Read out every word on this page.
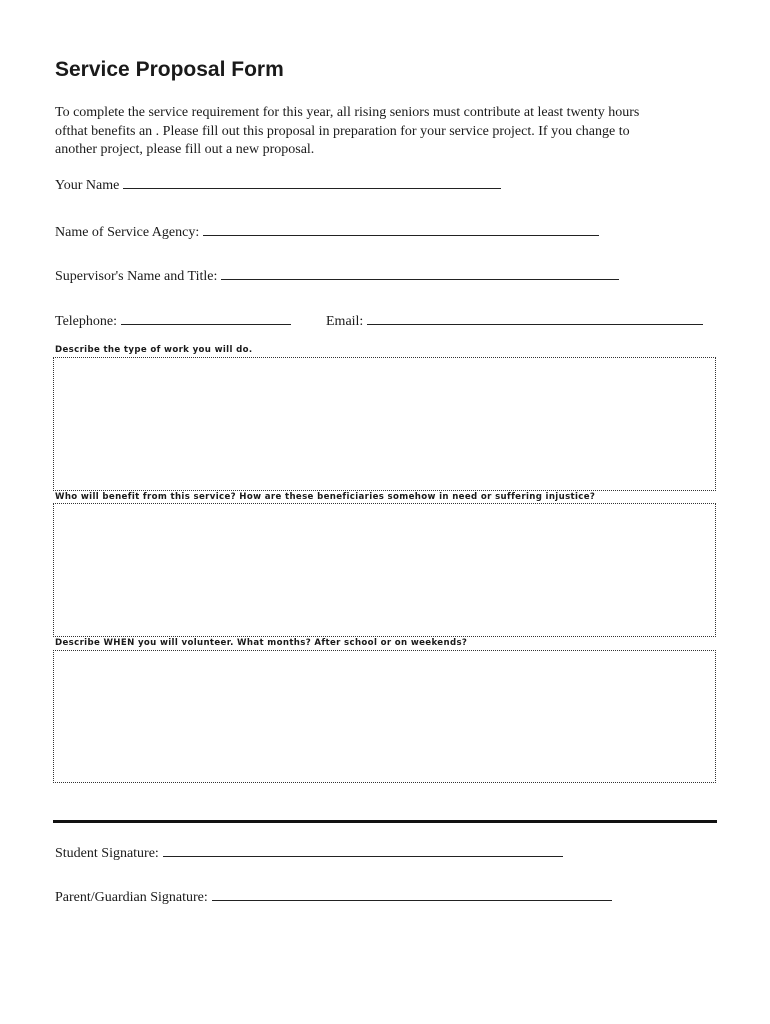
Service Proposal Form
To complete the service requirement for this year, all rising seniors must contribute at least twenty hours
ofthat benefits an . Please fill out this proposal in preparation for your service project. If you change to
another project, please fill out a new proposal.
Your Name
Name of Service Agency:
Supervisor's Name and Title:
Telephone:	Email:
Describe the type of work you will do.
Who will benefit from this service? How are these beneficiaries somehow in need or suffering injustice?
Describe WHEN you will volunteer. What months? After school or on weekends?
Student Signature:
Parent/Guardian Signature:
